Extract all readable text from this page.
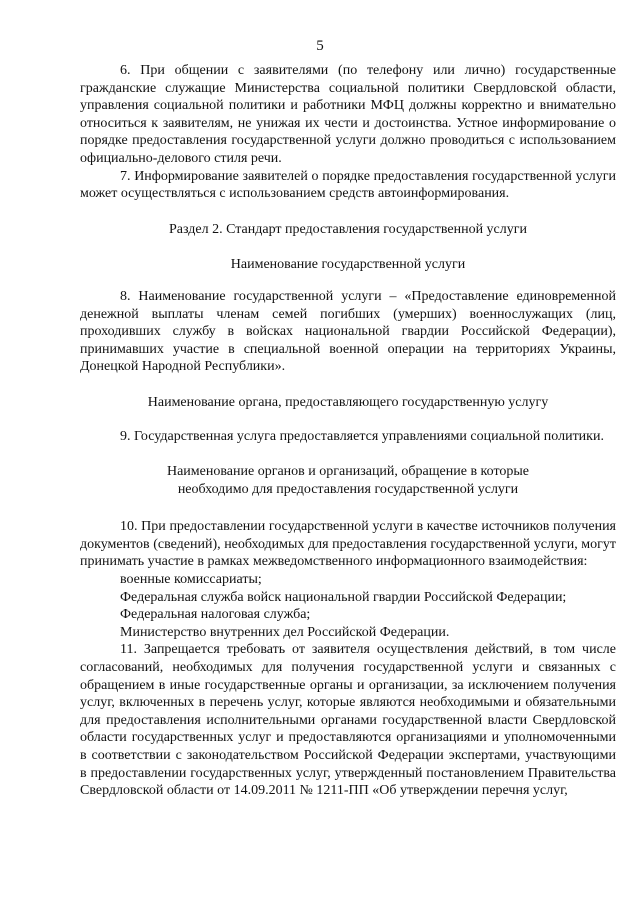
5

6. При общении с заявителями (по телефону или лично) государственные гражданские служащие Министерства социальной политики Свердловской области, управления социальной политики и работники МФЦ должны корректно и внимательно относиться к заявителям, не унижая их чести и достоинства. Устное информирование о порядке предоставления государственной услуги должно проводиться с использованием официально-делового стиля речи.

7. Информирование заявителей о порядке предоставления государственной услуги может осуществляться с использованием средств автоинформирования.

Раздел 2. Стандарт предоставления государственной услуги

Наименование государственной услуги

8. Наименование государственной услуги – «Предоставление единовременной денежной выплаты членам семей погибших (умерших) военнослужащих (лиц, проходивших службу в войсках национальной гвардии Российской Федерации), принимавших участие в специальной военной операции на территориях Украины, Донецкой Народной Республики».

Наименование органа, предоставляющего государственную услугу

9. Государственная услуга предоставляется управлениями социальной политики.

Наименование органов и организаций, обращение в которые

необходимо для предоставления государственной услуги

10. При предоставлении государственной услуги в качестве источников получения документов (сведений), необходимых для предоставления государственной услуги, могут принимать участие в рамках межведомственного информационного взаимодействия:

военные комиссариаты;

Федеральная служба войск национальной гвардии Российской Федерации;

Федеральная налоговая служба;

Министерство внутренних дел Российской Федерации.

11. Запрещается требовать от заявителя осуществления действий, в том числе согласований, необходимых для получения государственной услуги и связанных с обращением в иные государственные органы и организации, за исключением получения услуг, включенных в перечень услуг, которые являются необходимыми и обязательными для предоставления исполнительными органами государственной власти Свердловской области государственных услуг и предоставляются организациями и уполномоченными в соответствии с законодательством Российской Федерации экспертами, участвующими в предоставлении государственных услуг, утвержденный постановлением Правительства Свердловской области от 14.09.2011 № 1211-ПП «Об утверждении перечня услуг,
